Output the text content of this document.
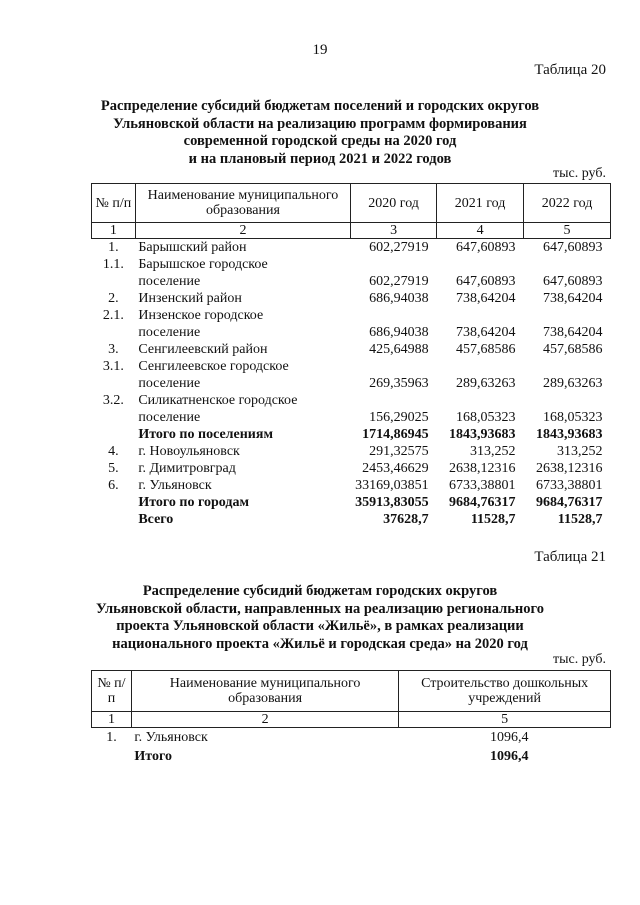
19
Таблица 20
Распределение субсидий бюджетам поселений и городских округов
Ульяновской области на реализацию программ формирования
современной городской среды на 2020 год
и на плановый период 2021 и 2022 годов
тыс. руб.
№ п/п	Наименование муниципального образования	2020 год	2021 год	2022 год
1	2	3	4	5
1.	Барышский район	602,27919	647,60893	647,60893
1.1.	Барышское городское
поселение	602,27919	647,60893	647,60893
2.	Инзенский район	686,94038	738,64204	738,64204
2.1.	Инзенское городское
поселение	686,94038	738,64204	738,64204
3.	Сенгилеевский район	425,64988	457,68586	457,68586
3.1.	Сенгилеевское городское
поселение	269,35963	289,63263	289,63263
3.2.	Силикатненское городское
поселение	156,29025	168,05323	168,05323
	Итого по поселениям	1714,86945	1843,93683	1843,93683
4.	г. Новоульяновск	291,32575	313,252	313,252
5.	г. Димитровград	2453,46629	2638,12316	2638,12316
6.	г. Ульяновск	33169,03851	6733,38801	6733,38801
	Итого по городам	35913,83055	9684,76317	9684,76317
	Всего	37628,7	11528,7	11528,7
Таблица 21
Распределение субсидий бюджетам городских округов
Ульяновской области, направленных на реализацию регионального
проекта Ульяновской области «Жильё», в рамках реализации
национального проекта «Жильё и городская среда» на 2020 год
тыс. руб.
№ п/п	Наименование муниципального образования	Строительство дошкольных учреждений
1	2	5
1.	г. Ульяновск	1096,4
	Итого	1096,4
